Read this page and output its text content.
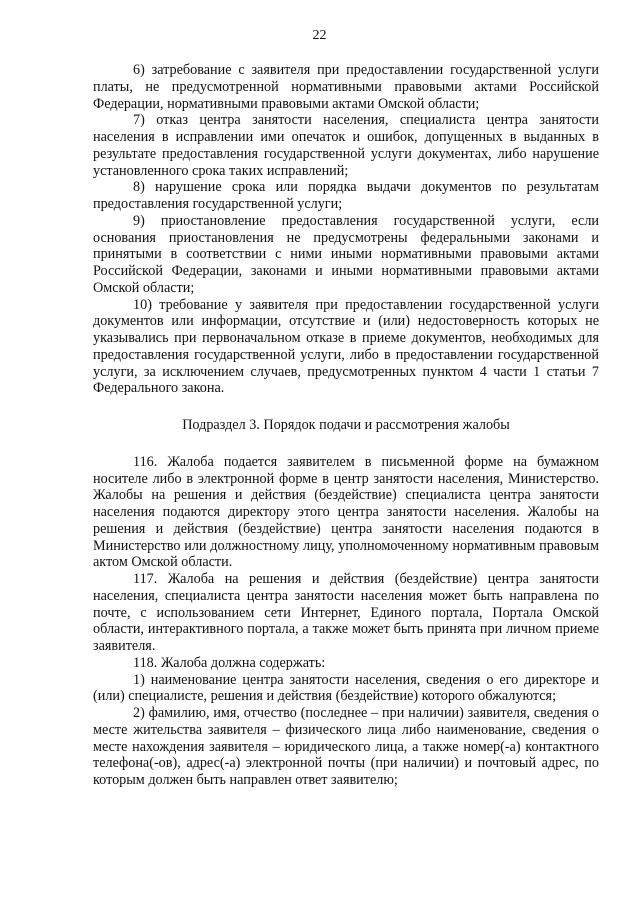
22

6) затребование с заявителя при предоставлении государственной услуги платы, не предусмотренной нормативными правовыми актами Российской Федерации, нормативными правовыми актами Омской области;

7) отказ центра занятости населения, специалиста центра занятости населения в исправлении ими опечаток и ошибок, допущенных в выданных в результате предоставления государственной услуги документах, либо нарушение установленного срока таких исправлений;

8) нарушение срока или порядка выдачи документов по результатам предоставления государственной услуги;

9) приостановление предоставления государственной услуги, если основания приостановления не предусмотрены федеральными законами и принятыми в соответствии с ними иными нормативными правовыми актами Российской Федерации, законами и иными нормативными правовыми актами Омской области;

10) требование у заявителя при предоставлении государственной услуги документов или информации, отсутствие и (или) недостоверность которых не указывались при первоначальном отказе в приеме документов, необходимых для предоставления государственной услуги, либо в предоставлении государственной услуги, за исключением случаев, предусмотренных пунктом 4 части 1 статьи 7 Федерального закона.

Подраздел 3. Порядок подачи и рассмотрения жалобы

116. Жалоба подается заявителем в письменной форме на бумажном носителе либо в электронной форме в центр занятости населения, Министерство. Жалобы на решения и действия (бездействие) специалиста центра занятости населения подаются директору этого центра занятости населения. Жалобы на решения и действия (бездействие) центра занятости населения подаются в Министерство или должностному лицу, уполномоченному нормативным правовым актом Омской области.

117. Жалоба на решения и действия (бездействие) центра занятости населения, специалиста центра занятости населения может быть направлена по почте, с использованием сети Интернет, Единого портала, Портала Омской области, интерактивного портала, а также может быть принята при личном приеме заявителя.

118. Жалоба должна содержать:

1) наименование центра занятости населения, сведения о его директоре и (или) специалисте, решения и действия (бездействие) которого обжалуются;

2) фамилию, имя, отчество (последнее – при наличии) заявителя, сведения о месте жительства заявителя – физического лица либо наименование, сведения о месте нахождения заявителя – юридического лица, а также номер(-а) контактного телефона(-ов), адрес(-а) электронной почты (при наличии) и почтовый адрес, по которым должен быть направлен ответ заявителю;
